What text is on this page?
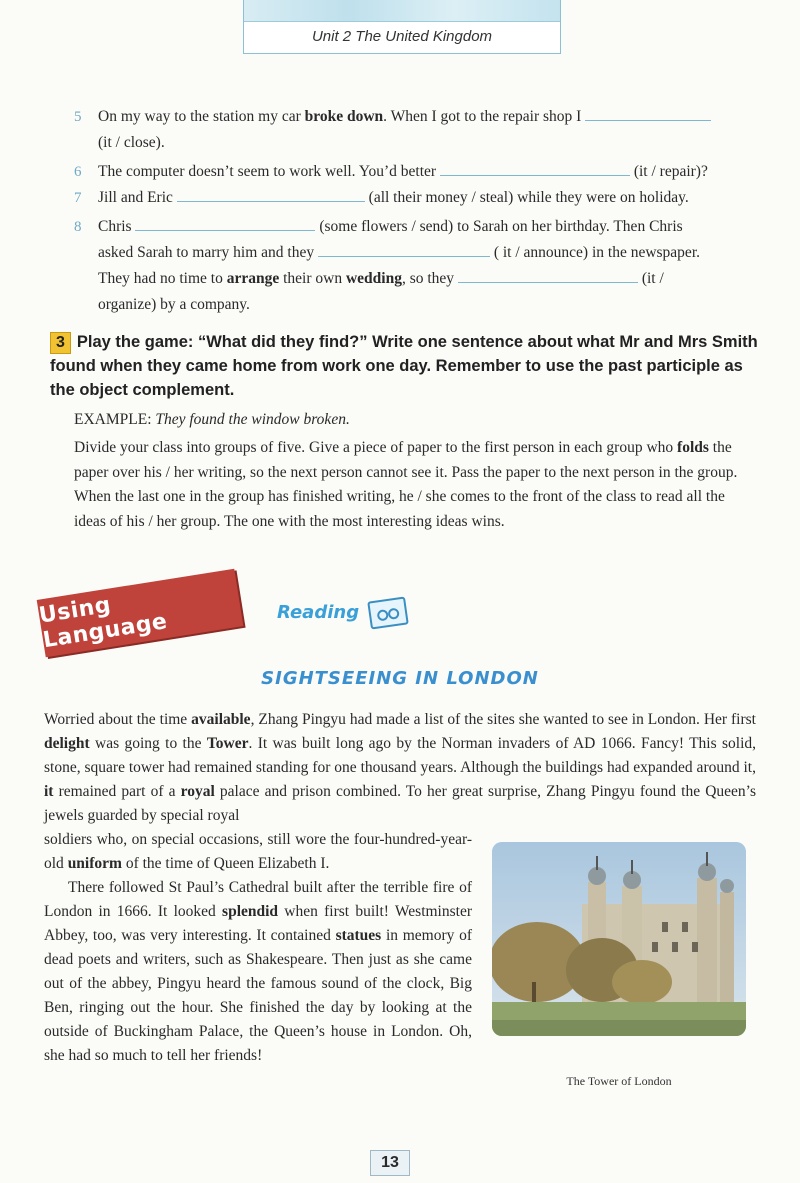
Unit 2 The United Kingdom
5 On my way to the station my car broke down. When I got to the repair shop I
(it / close).
6 The computer doesn’t seem to work well. You’d better	(it / repair)?
7 Jill and Eric	(all their money / steal) while they were on holiday.
8 Chris	(some flowers / send) to Sarah on her birthday. Then Chris
asked Sarah to marry him and they	( it / announce) in the newspaper.
They had no time to arrange their own wedding, so they	(it /
organize) by a company.
3 Play the game: “What did they find?” Write one sentence about what Mr and Mrs Smith found when they came home from work one day. Remember to use the past participle as the object complement.
EXAMPLE: They found the window broken.
Divide your class into groups of five. Give a piece of paper to the first person in each group who folds the paper over his / her writing, so the next person cannot see it. Pass the paper to the next person in the group. When the last one in the group has finished writing, he / she comes to the front of the class to read all the ideas of his / her group. The one with the most interesting ideas wins.
Using Language	Reading
SIGHTSEEING IN LONDON
Worried about the time available, Zhang Pingyu had made a list of the sites she wanted to see in London. Her first delight was going to the Tower. It was built long ago by the Norman invaders of AD 1066. Fancy! This solid, stone, square tower had remained standing for one thousand years. Although the buildings had expanded around it, it remained part of a royal palace and prison combined. To her great surprise, Zhang Pingyu found the Queen’s jewels guarded by special royal
soldiers who, on special occasions, still wore the four-hundred-year-old uniform of the time of Queen Elizabeth I.
The Tower of London
There followed St Paul’s Cathedral built after the terrible fire of London in 1666. It looked splendid when first built! Westminster Abbey, too, was very interesting. It contained statues in memory of dead poets and writers, such as Shakespeare. Then just as she came out of the abbey, Pingyu heard the famous sound of the clock, Big Ben, ringing out the hour. She finished the day by looking at the outside of Buckingham Palace, the Queen’s house in London. Oh, she had so much to tell her friends!
13
